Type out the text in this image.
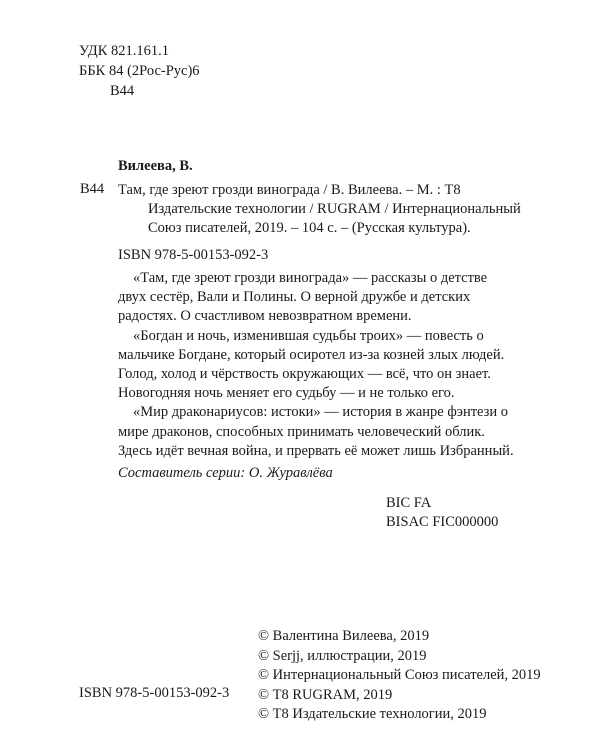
УДК 821.161.1
ББК 84 (2Рос-Рус)6
В44
Вилеева, В.
В44 Там, где зреют грозди винограда / В. Вилеева. – М. : Т8
Издательские технологии / RUGRAM / Интернациональный
Союз писателей, 2019. – 104 с. – (Русская культура).
ISBN 978-5-00153-092-3

«Там, где зреют грозди винограда» — рассказы о детстве двух сестёр, Вали и Полины. О верной дружбе и детских радостях. О счастливом невозвратном времени.

«Богдан и ночь, изменившая судьбы троих» — повесть о мальчике Богдане, который осиротел из-за козней злых людей. Голод, холод и чёрствость окружающих — всё, что он знает. Новогодняя ночь меняет его судьбу — и не только его.

«Мир драконариусов: истоки» — история в жанре фэнтези о мире драконов, способных принимать человеческий облик. Здесь идёт вечная война, и прервать её может лишь Избранный.

Составитель серии: О. Журавлёва
BIC FA
BISAC FIC000000
© Валентина Вилеева, 2019
© Serjj, иллюстрации, 2019
© Интернациональный Союз писателей, 2019
© Т8 RUGRAM, 2019
© Т8 Издательские технологии, 2019
ISBN 978-5-00153-092-3
